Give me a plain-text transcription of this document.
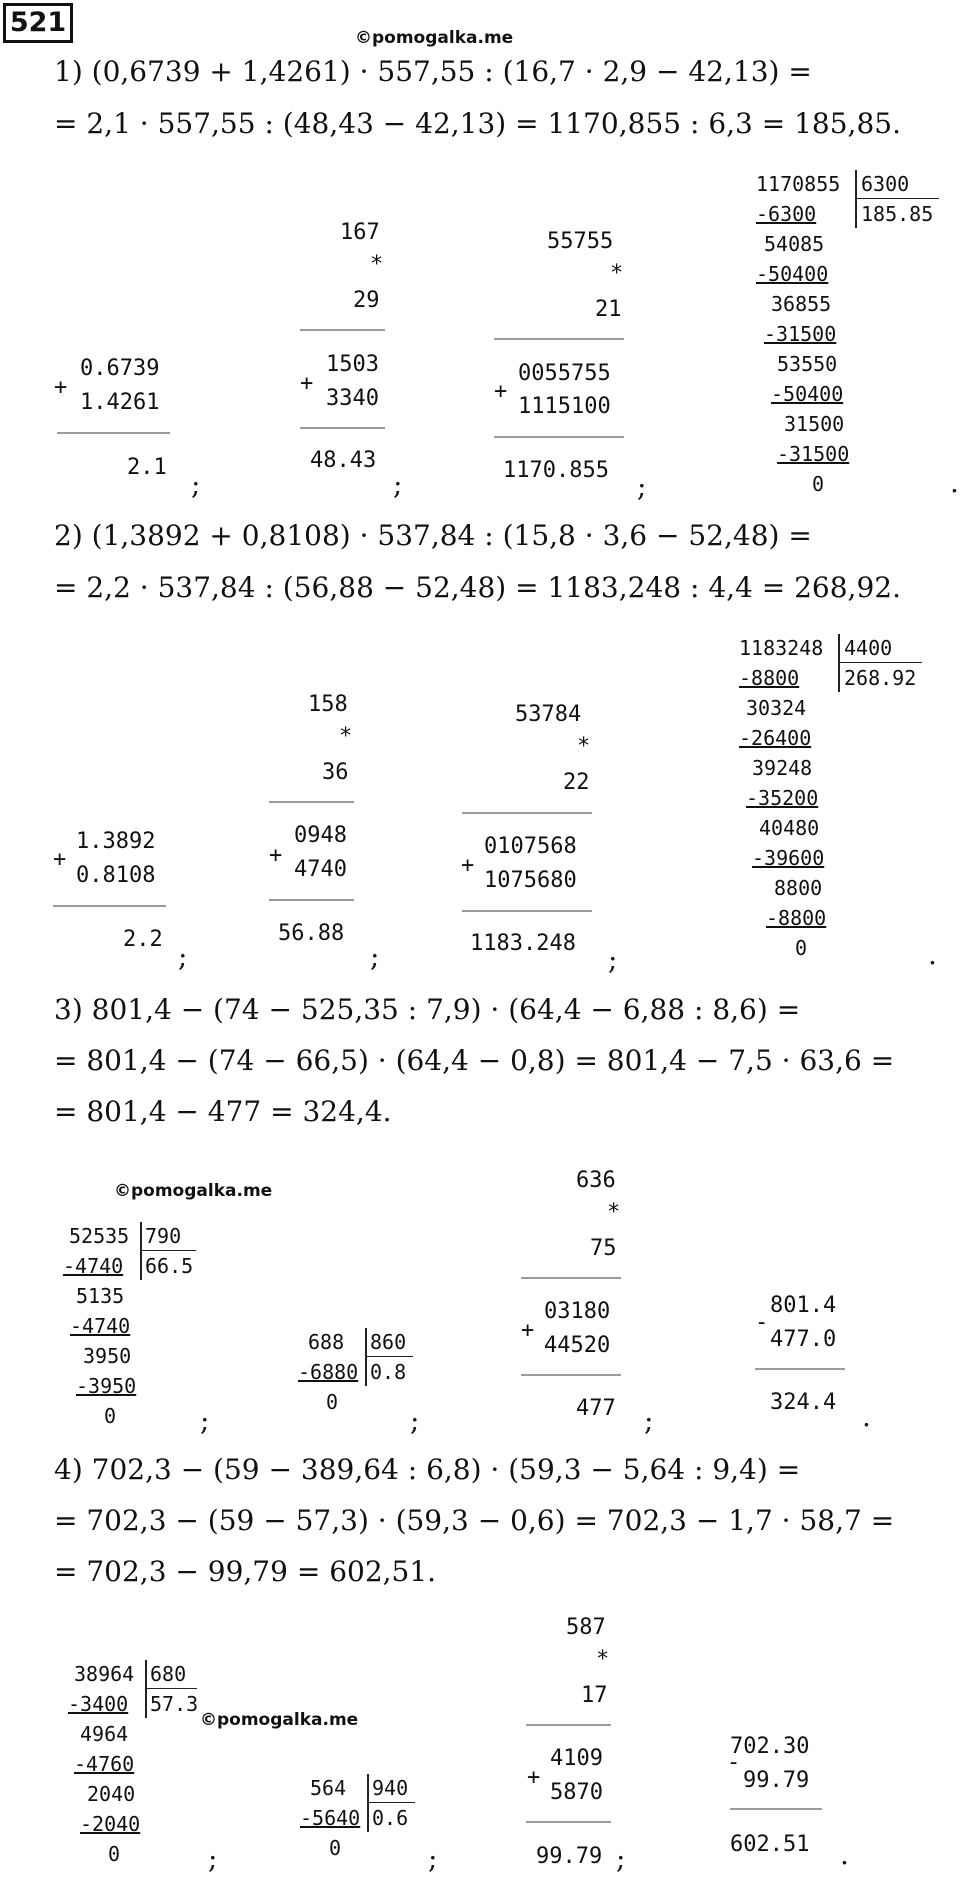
521	©pomogalka.me
1) (0,6739 + 1,4261) · 557,55 : (16,7 · 2,9 − 42,13) =
= 2,1 · 557,55 : (48,43 − 42,13) = 1170,855 : 6,3 = 185,85.
0.6739
+
1.4261
2.1
;
167
*
29
1503
+
3340
48.43
;
55755
*
21
0055755
+
1115100
1170.855 ;
1170855 6300
185.85
-6300
54085
-50400
36855
-31500
53550
-50400
31500
-31500
0	.
2) (1,3892 + 0,8108) · 537,84 : (15,8 · 3,6 − 52,48) =
= 2,2 · 537,84 : (56,88 − 52,48) = 1183,248 : 4,4 = 268,92.
1.3892
+
0.8108
2.2
;
158
*
36
0948
+
4740
56.88
;
53784
*
22
0107568
+
1075680
1183.248 ;
1183248 4400
268.92
-8800
30324
-26400
39248
-35200
40480
-39600
8800
-8800
0	.
3) 801,4 − (74 − 525,35 : 7,9) · (64,4 − 6,88 : 8,6) =
= 801,4 − (74 − 66,5) · (64,4 − 0,8) = 801,4 − 7,5 · 63,6 =
= 801,4 − 477 = 324,4.
©pomogalka.me
52535 790
66.5
-4740
5135
-4740
3950
-3950
0	;
688 860
0.8
-6880
0
;
636
*
75
03180
+
44520
477 ;
801.4
-
477.0
324.4 .
4) 702,3 − (59 − 389,64 : 6,8) · (59,3 − 5,64 : 9,4) =
= 702,3 − (59 − 57,3) · (59,3 − 0,6) = 702,3 − 1,7 · 58,7 =
= 702,3 − 99,79 = 602,51.
38964 680
57.3
©pomogalka.me
-3400
4964
-4760
2040
-2040
0	;
564 940
0.6
-5640
0	;
587
*
17
4109
+
5870
99.79 ;
702.30
-
99.79
602.51 .
